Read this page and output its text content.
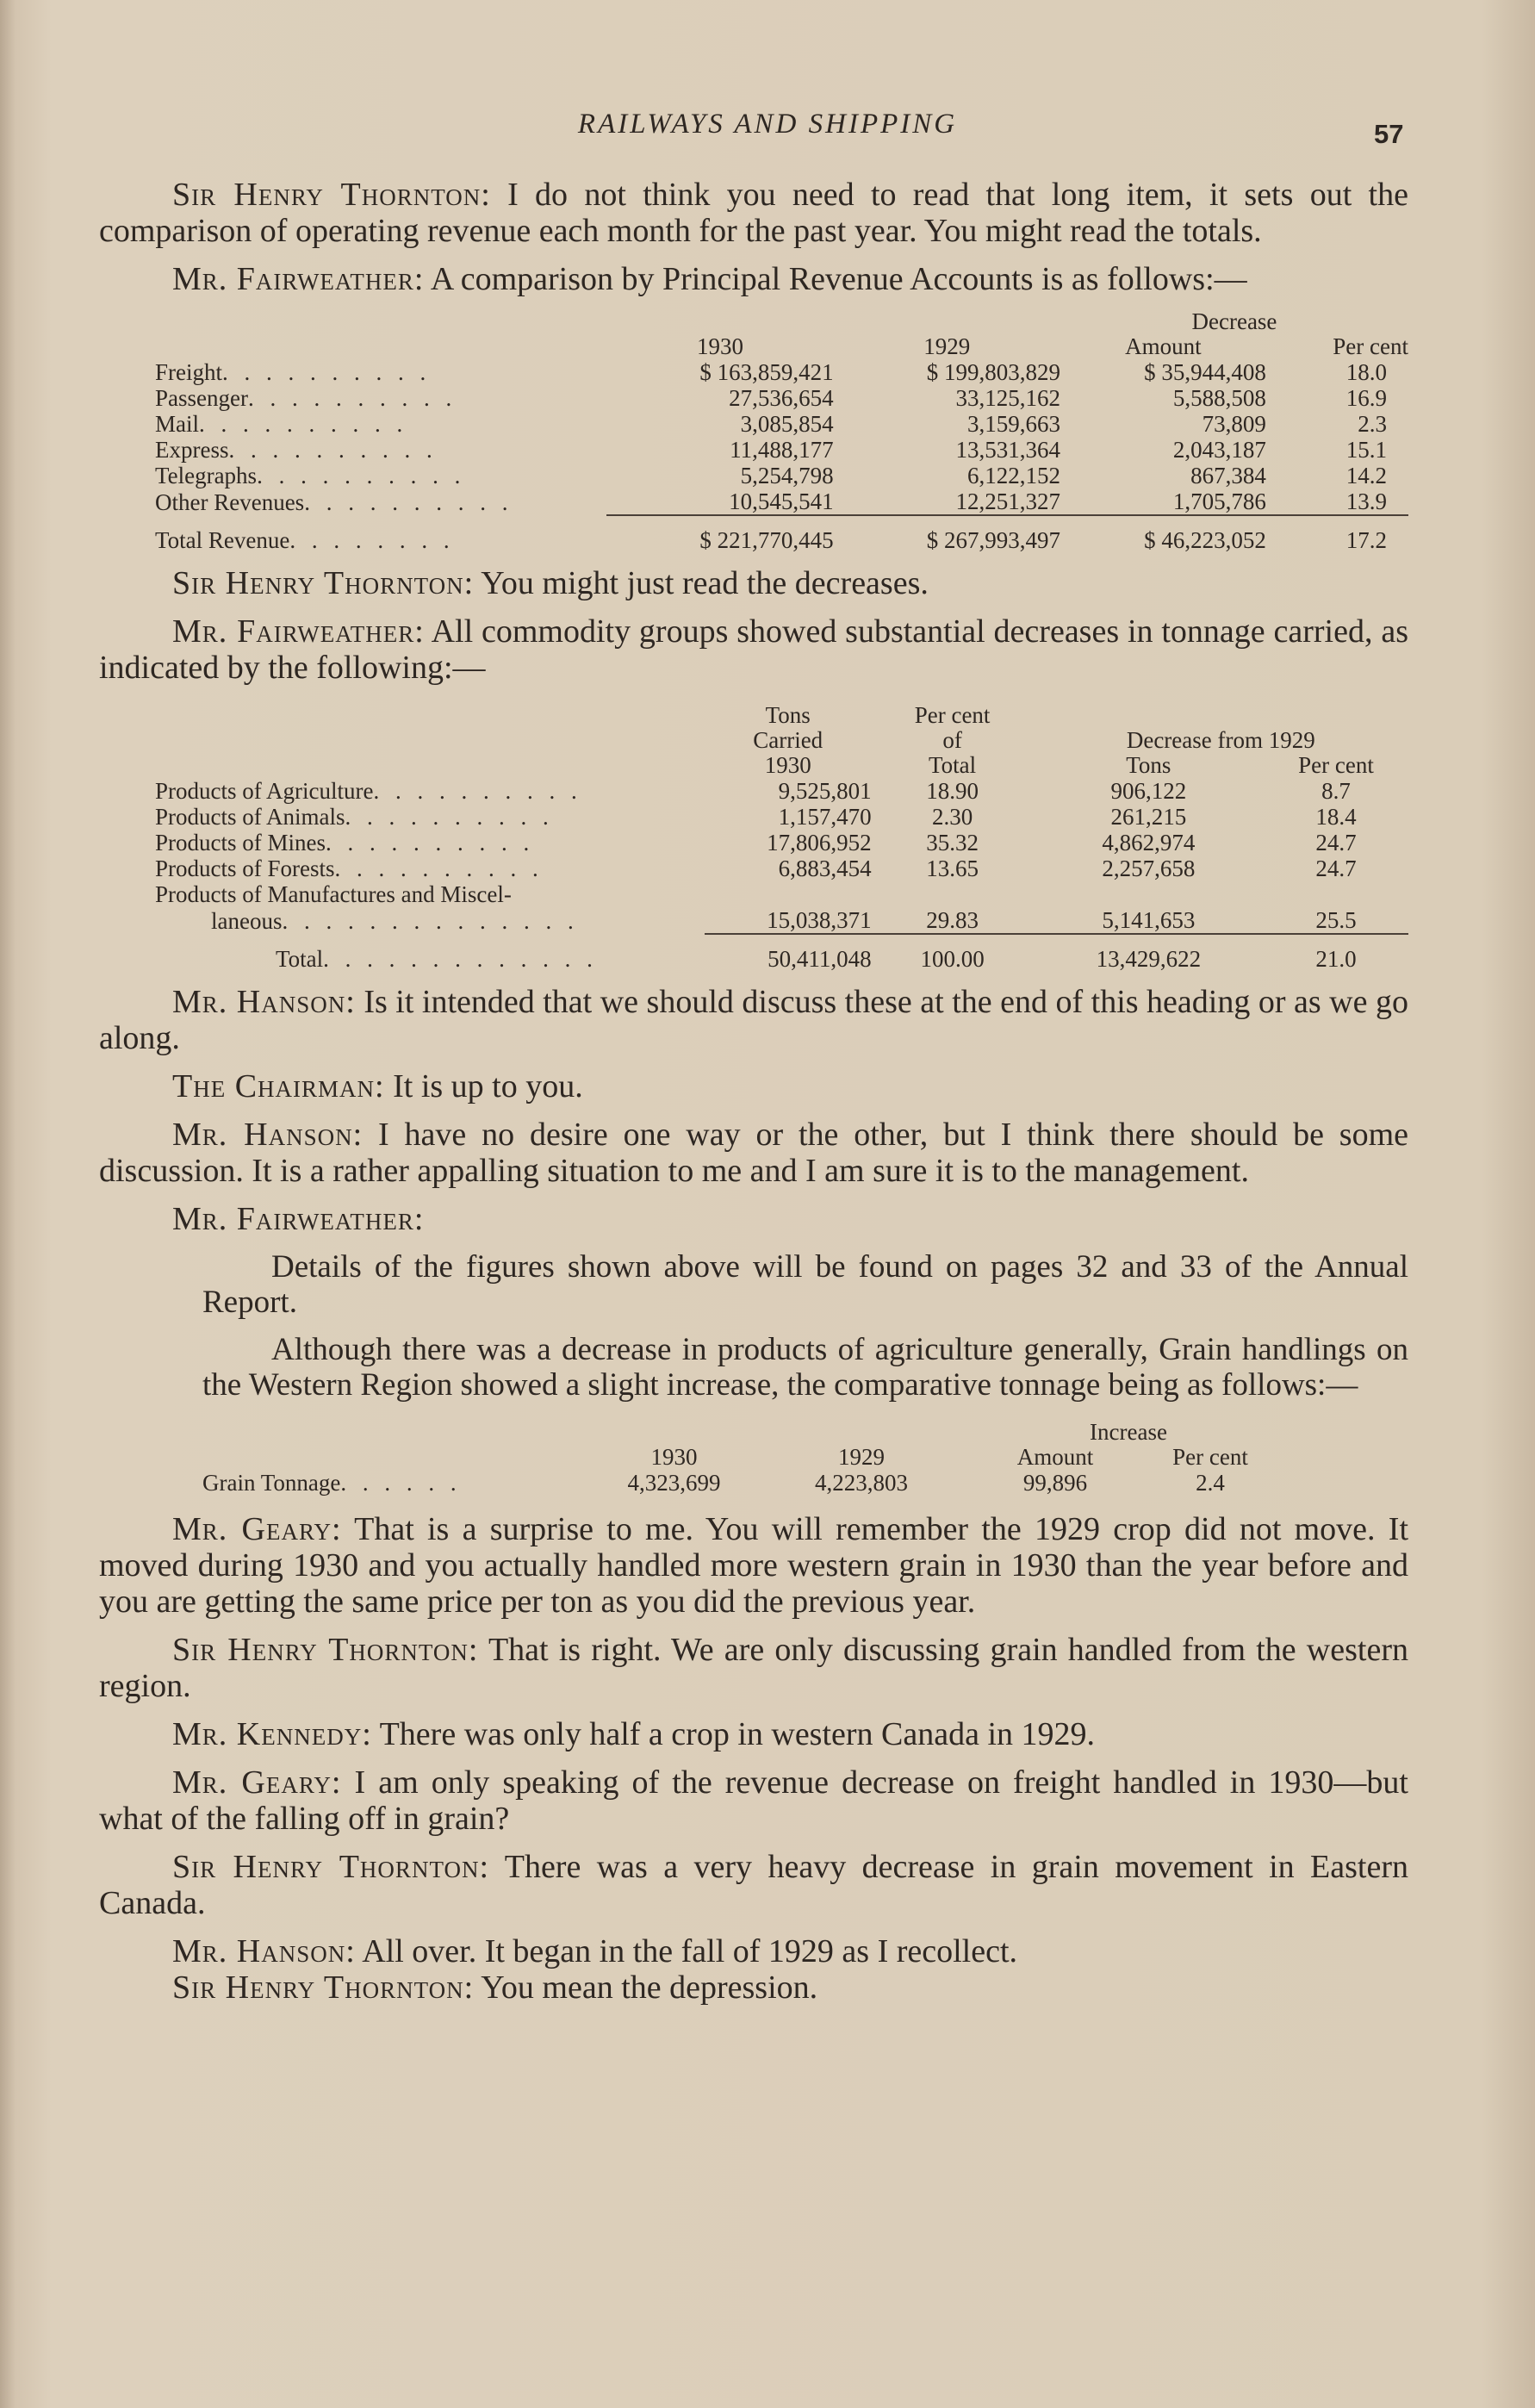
RAILWAYS AND SHIPPING	57

Sir Henry Thornton: I do not think you need to read that long item, it sets out the comparison of operating revenue each month for the past year. You might read the totals.

Mr. Fairweather: A comparison by Principal Revenue Accounts is as follows:—

			Decrease	
	1930	1929	Amount	Per cent
Freight. . . . . . . . . .	$ 163,859,421	$ 199,803,829	$ 35,944,408	18.0
Passenger. . . . . . . . . .	27,536,654	33,125,162	5,588,508	16.9
Mail. . . . . . . . . .	3,085,854	3,159,663	73,809	2.3
Express. . . . . . . . . .	11,488,177	13,531,364	2,043,187	15.1
Telegraphs. . . . . . . . . .	5,254,798	6,122,152	867,384	14.2
Other Revenues. . . . . . . . . .	10,545,541	12,251,327	1,705,786	13.9

Total Revenue. . . . . . . .	$ 221,770,445	$ 267,993,497	$ 46,223,052	17.2

Sir Henry Thornton: You might just read the decreases.

Mr. Fairweather: All commodity groups showed substantial decreases in tonnage carried, as indicated by the following:—

	Tons	Per cent		
	Carried	of	Decrease from 1929	
	1930	Total	Tons	Per cent
Products of Agriculture. . . . . . . . . .	9,525,801	18.90	906,122	8.7
Products of Animals. . . . . . . . . .	1,157,470	2.30	261,215	18.4
Products of Mines. . . . . . . . . .	17,806,952	35.32	4,862,974	24.7
Products of Forests. . . . . . . . . .	6,883,454	13.65	2,257,658	24.7
Products of Manufactures and Miscel-				
laneous. . . . . . . . . . . . . .	15,038,371	29.83	5,141,653	25.5

Total. . . . . . . . . . . . .	50,411,048	100.00	13,429,622	21.0

Mr. Hanson: Is it intended that we should discuss these at the end of this heading or as we go along.

The Chairman: It is up to you.

Mr. Hanson: I have no desire one way or the other, but I think there should be some discussion. It is a rather appalling situation to me and I am sure it is to the management.

Mr. Fairweather:

Details of the figures shown above will be found on pages 32 and 33 of the Annual Report.

Although there was a decrease in products of agriculture generally, Grain handlings on the Western Region showed a slight increase, the comparative tonnage being as follows:—

			Increase	
	1930	1929	Amount	Per cent
Grain Tonnage. . . . . .	4,323,699	4,223,803	99,896	2.4

Mr. Geary: That is a surprise to me. You will remember the 1929 crop did not move. It moved during 1930 and you actually handled more western grain in 1930 than the year before and you are getting the same price per ton as you did the previous year.

Sir Henry Thornton: That is right. We are only discussing grain handled from the western region.

Mr. Kennedy: There was only half a crop in western Canada in 1929.

Mr. Geary: I am only speaking of the revenue decrease on freight handled in 1930—but what of the falling off in grain?

Sir Henry Thornton: There was a very heavy decrease in grain movement in Eastern Canada.

Mr. Hanson: All over. It began in the fall of 1929 as I recollect.

Sir Henry Thornton: You mean the depression.
